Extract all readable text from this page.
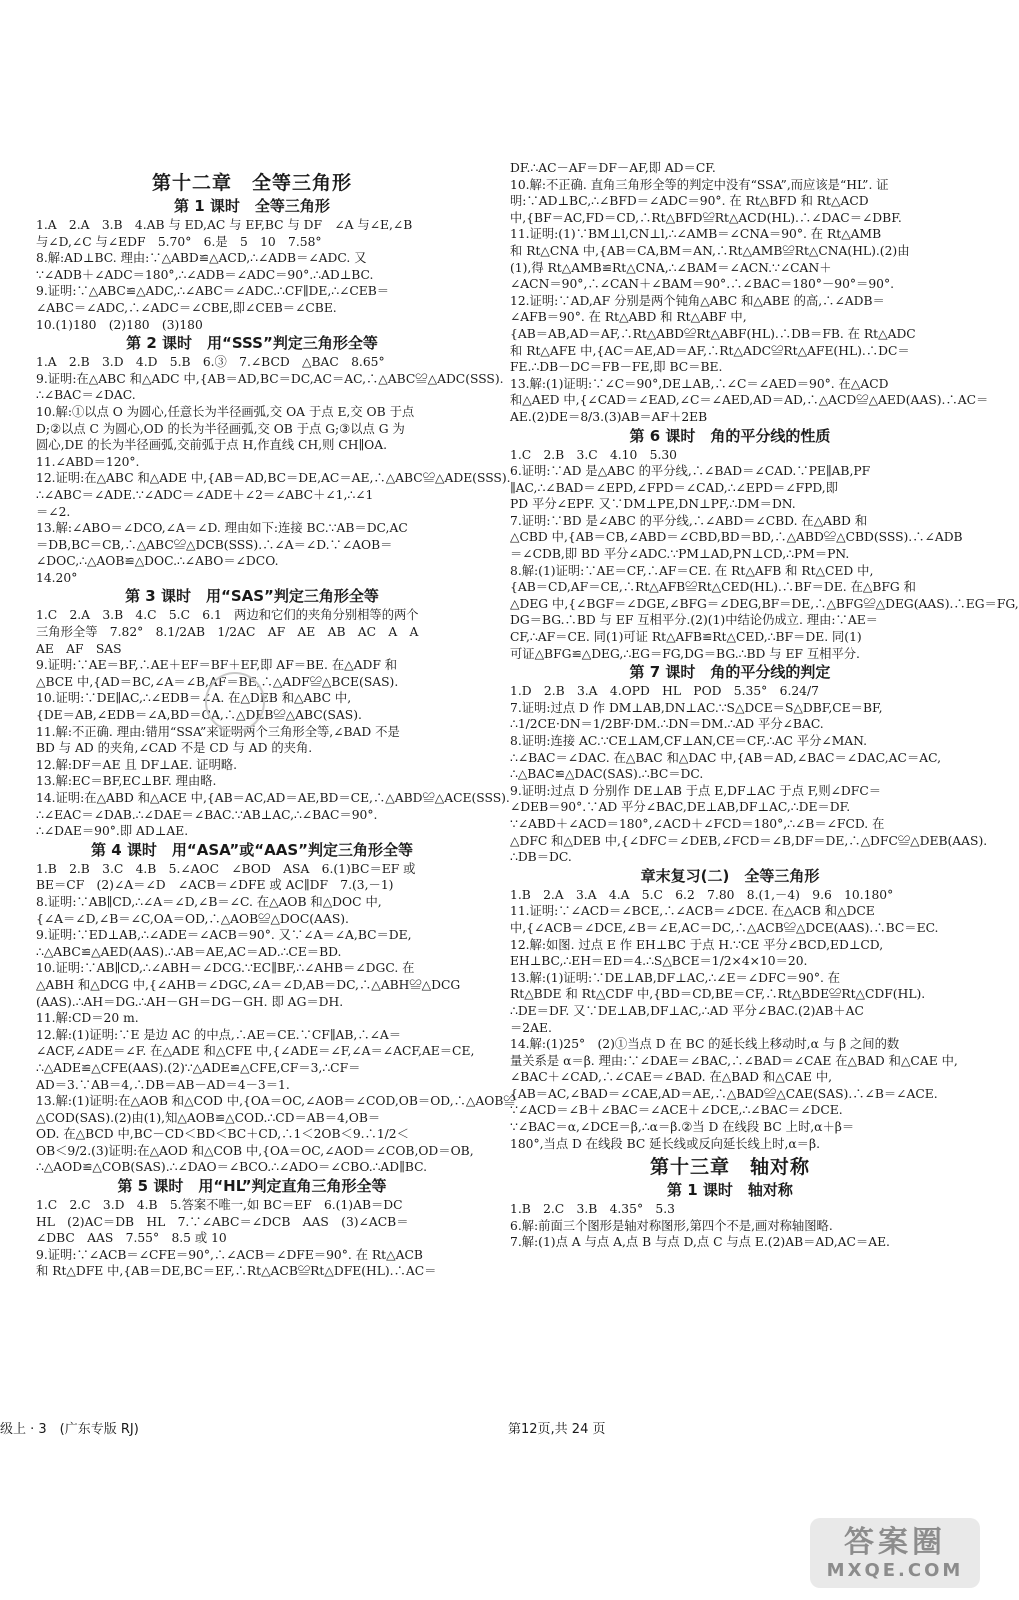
第十二章　全等三角形
第 1 课时　全等三角形
1.A　2.A　3.B　4.AB 与 ED,AC 与 EF,BC 与 DF　∠A 与∠E,∠B
与∠D,∠C 与∠EDF　5.70°　6.是　5　10　7.58°
8.解:AD⊥BC. 理由:∵△ABD≌△ACD,∴∠ADB＝∠ADC. 又
∵∠ADB＋∠ADC＝180°,∴∠ADB＝∠ADC＝90°.∴AD⊥BC.
9.证明:∵△ABC≌△ADC,∴∠ABC＝∠ADC.∴CF∥DE,∴∠CEB＝
∠ABC＝∠ADC,∴∠ADC＝∠CBE,即∠CEB＝∠CBE.
10.(1)180　(2)180　(3)180
第 2 课时　用“SSS”判定三角形全等
1.A　2.B　3.D　4.D　5.B　6.③　7.∠BCD　△BAC　8.65°
9.证明:在△ABC 和△ADC 中,{AB＝AD,BC＝DC,AC＝AC,∴△ABC≌△ADC(SSS).
∴∠BAC＝∠DAC.
10.解:①以点 O 为圆心,任意长为半径画弧,交 OA 于点 E,交 OB 于点
D;②以点 C 为圆心,OD 的长为半径画弧,交 OB 于点 G;③以点 G 为
圆心,DE 的长为半径画弧,交前弧于点 H,作直线 CH,则 CH∥OA.
11.∠ABD＝120°.
12.证明:在△ABC 和△ADE 中,{AB＝AD,BC＝DE,AC＝AE,∴△ABC≌△ADE(SSS).
∴∠ABC＝∠ADE.∵∠ADC＝∠ADE＋∠2＝∠ABC＋∠1,∴∠1
＝∠2.
13.解:∠ABO＝∠DCO,∠A＝∠D. 理由如下:连接 BC.∵AB＝DC,AC
＝DB,BC＝CB,∴△ABC≌△DCB(SSS).∴∠A＝∠D.∵∠AOB＝
∠DOC,∴△AOB≌△DOC.∴∠ABO＝∠DCO.
14.20°
第 3 课时　用“SAS”判定三角形全等
1.C　2.A　3.B　4.C　5.C　6.1　两边和它们的夹角分别相等的两个
三角形全等　7.82°　8.1/2AB　1/2AC　AF　AE　AB　AC　A　A
AE　AF　SAS
9.证明:∵AE＝BF,∴AE＋EF＝BF＋EF,即 AF＝BE. 在△ADF 和
△BCE 中,{AD＝BC,∠A＝∠B,AF＝BE,∴△ADF≌△BCE(SAS).
10.证明:∵DE∥AC,∴∠EDB＝∠A. 在△DEB 和△ABC 中,
{DE＝AB,∠EDB＝∠A,BD＝CA,∴△DEB≌△ABC(SAS).
11.解:不正确. 理由:错用“SSA”来证明两个三角形全等,∠BAD 不是
BD 与 AD 的夹角,∠CAD 不是 CD 与 AD 的夹角.
12.解:DF＝AE 且 DF⊥AE. 证明略.
13.解:EC＝BF,EC⊥BF. 理由略.
14.证明:在△ABD 和△ACE 中,{AB＝AC,AD＝AE,BD＝CE,∴△ABD≌△ACE(SSS).
∴∠EAC＝∠DAB.∴∠DAE＝∠BAC.∵AB⊥AC,∴∠BAC＝90°.
∴∠DAE＝90°.即 AD⊥AE.
第 4 课时　用“ASA”或“AAS”判定三角形全等
1.B　2.B　3.C　4.B　5.∠AOC　∠BOD　ASA　6.(1)BC＝EF 或
BE＝CF　(2)∠A＝∠D　∠ACB＝∠DFE 或 AC∥DF　7.(3,－1)
8.证明:∵AB∥CD,∴∠A＝∠D,∠B＝∠C. 在△AOB 和△DOC 中,
{∠A＝∠D,∠B＝∠C,OA＝OD,∴△AOB≌△DOC(AAS).
9.证明:∵ED⊥AB,∴∠ADE＝∠ACB＝90°. 又∵∠A＝∠A,BC＝DE,
∴△ABC≌△AED(AAS).∴AB＝AE,AC＝AD.∴CE＝BD.
10.证明:∵AB∥CD,∴∠ABH＝∠DCG.∵EC∥BF,∴∠AHB＝∠DGC. 在
△ABH 和△DCG 中,{∠AHB＝∠DGC,∠A＝∠D,AB＝DC,∴△ABH≌△DCG
(AAS).∴AH＝DG.∴AH－GH＝DG－GH. 即 AG＝DH.
11.解:CD＝20 m.
12.解:(1)证明:∵E 是边 AC 的中点,∴AE＝CE.∵CF∥AB,∴∠A＝
∠ACF,∠ADE＝∠F. 在△ADE 和△CFE 中,{∠ADE＝∠F,∠A＝∠ACF,AE＝CE,
∴△ADE≌△CFE(AAS).(2)∵△ADE≌△CFE,CF＝3,∴CF＝
AD＝3.∵AB＝4,∴DB＝AB－AD＝4－3＝1.
13.解:(1)证明:在△AOB 和△COD 中,{OA＝OC,∠AOB＝∠COD,OB＝OD,∴△AOB≌
△COD(SAS).(2)由(1),知△AOB≌△COD.∴CD＝AB＝4,OB＝
OD. 在△BCD 中,BC－CD＜BD＜BC＋CD,∴1＜2OB＜9.∴1/2＜
OB＜9/2.(3)证明:在△AOD 和△COB 中,{OA＝OC,∠AOD＝∠COB,OD＝OB,
∴△AOD≌△COB(SAS).∴∠DAO＝∠BCO.∴∠ADO＝∠CBO.∴AD∥BC.
第 5 课时　用“HL”判定直角三角形全等
1.C　2.C　3.D　4.B　5.答案不唯一,如 BC＝EF　6.(1)AB＝DC
HL　(2)AC＝DB　HL　7.∵∠ABC＝∠DCB　AAS　(3)∠ACB＝
∠DBC　AAS　7.55°　8.5 或 10
9.证明:∵∠ACB＝∠CFE＝90°,∴∠ACB＝∠DFE＝90°. 在 Rt△ACB
和 Rt△DFE 中,{AB＝DE,BC＝EF,∴Rt△ACB≌Rt△DFE(HL).∴AC＝
DF.∴AC－AF＝DF－AF,即 AD＝CF.
10.解:不正确. 直角三角形全等的判定中没有“SSA”,而应该是“HL”. 证
明:∵AD⊥BC,∴∠BFD＝∠ADC＝90°. 在 Rt△BFD 和 Rt△ACD
中,{BF＝AC,FD＝CD,∴Rt△BFD≌Rt△ACD(HL).∴∠DAC＝∠DBF.
11.证明:(1)∵BM⊥l,CN⊥l,∴∠AMB＝∠CNA＝90°. 在 Rt△AMB
和 Rt△CNA 中,{AB＝CA,BM＝AN,∴Rt△AMB≌Rt△CNA(HL).(2)由
(1),得 Rt△AMB≌Rt△CNA,∴∠BAM＝∠ACN.∵∠CAN＋
∠ACN＝90°,∴∠CAN＋∠BAM＝90°.∴∠BAC＝180°－90°＝90°.
12.证明:∵AD,AF 分别是两个钝角△ABC 和△ABE 的高,∴∠ADB＝
∠AFB＝90°. 在 Rt△ABD 和 Rt△ABF 中,
{AB＝AB,AD＝AF,∴Rt△ABD≌Rt△ABF(HL).∴DB＝FB. 在 Rt△ADC
和 Rt△AFE 中,{AC＝AE,AD＝AF,∴Rt△ADC≌Rt△AFE(HL).∴DC＝
FE.∴DB－DC＝FB－FE,即 BC＝BE.
13.解:(1)证明:∵∠C＝90°,DE⊥AB,∴∠C＝∠AED＝90°. 在△ACD
和△AED 中,{∠CAD＝∠EAD,∠C＝∠AED,AD＝AD,∴△ACD≌△AED(AAS).∴AC＝
AE.(2)DE＝8/3.(3)AB＝AF＋2EB
第 6 课时　角的平分线的性质
1.C　2.B　3.C　4.10　5.30
6.证明:∵AD 是△ABC 的平分线,∴∠BAD＝∠CAD.∵PE∥AB,PF
∥AC,∴∠BAD＝∠EPD,∠FPD＝∠CAD,∴∠EPD＝∠FPD,即
PD 平分∠EPF. 又∵DM⊥PE,DN⊥PF,∴DM＝DN.
7.证明:∵BD 是∠ABC 的平分线,∴∠ABD＝∠CBD. 在△ABD 和
△CBD 中,{AB＝CB,∠ABD＝∠CBD,BD＝BD,∴△ABD≌△CBD(SSS).∴∠ADB
＝∠CDB,即 BD 平分∠ADC.∵PM⊥AD,PN⊥CD,∴PM＝PN.
8.解:(1)证明:∵AE＝CF,∴AF＝CE. 在 Rt△AFB 和 Rt△CED 中,
{AB＝CD,AF＝CE,∴Rt△AFB≌Rt△CED(HL).∴BF＝DE. 在△BFG 和
△DEG 中,{∠BGF＝∠DGE,∠BFG＝∠DEG,BF＝DE,∴△BFG≌△DEG(AAS).∴EG＝FG,
DG＝BG.∴BD 与 EF 互相平分.(2)(1)中结论仍成立. 理由:∵AE＝
CF,∴AF＝CE. 同(1)可证 Rt△AFB≌Rt△CED,∴BF＝DE. 同(1)
可证△BFG≌△DEG,∴EG＝FG,DG＝BG.∴BD 与 EF 互相平分.
第 7 课时　角的平分线的判定
1.D　2.B　3.A　4.OPD　HL　POD　5.35°　6.24/7
7.证明:过点 D 作 DM⊥AB,DN⊥AC.∵S△DCE＝S△DBF,CE＝BF,
∴1/2CE·DN＝1/2BF·DM.∴DN＝DM.∴AD 平分∠BAC.
8.证明:连接 AC.∵CE⊥AM,CF⊥AN,CE＝CF,∴AC 平分∠MAN.
∴∠BAC＝∠DAC. 在△BAC 和△DAC 中,{AB＝AD,∠BAC＝∠DAC,AC＝AC,
∴△BAC≌△DAC(SAS).∴BC＝DC.
9.证明:过点 D 分别作 DE⊥AB 于点 E,DF⊥AC 于点 F,则∠DFC＝
∠DEB＝90°.∵AD 平分∠BAC,DE⊥AB,DF⊥AC,∴DE＝DF.
∵∠ABD＋∠ACD＝180°,∠ACD＋∠FCD＝180°,∴∠B＝∠FCD. 在
△DFC 和△DEB 中,{∠DFC＝∠DEB,∠FCD＝∠B,DF＝DE,∴△DFC≌△DEB(AAS).
∴DB＝DC.
章末复习(二)　全等三角形
1.B　2.A　3.A　4.A　5.C　6.2　7.80　8.(1,－4)　9.6　10.180°
11.证明:∵∠ACD＝∠BCE,∴∠ACB＝∠DCE. 在△ACB 和△DCE
中,{∠ACB＝∠DCE,∠B＝∠E,AC＝DC,∴△ACB≌△DCE(AAS).∴BC＝EC.
12.解:如图. 过点 E 作 EH⊥BC 于点 H.∵CE 平分∠BCD,ED⊥CD,
EH⊥BC,∴EH＝ED＝4.∴S△BCE＝1/2×4×10＝20.
13.解:(1)证明:∵DE⊥AB,DF⊥AC,∴∠E＝∠DFC＝90°. 在
Rt△BDE 和 Rt△CDF 中,{BD＝CD,BE＝CF,∴Rt△BDE≌Rt△CDF(HL).
∴DE＝DF. 又∵DE⊥AB,DF⊥AC,∴AD 平分∠BAC.(2)AB＋AC
＝2AE.
14.解:(1)25°　(2)①当点 D 在 BC 的延长线上移动时,α 与 β 之间的数
量关系是 α＝β. 理由:∵∠DAE＝∠BAC,∴∠BAD＝∠CAE 在△BAD 和△CAE 中,
∠BAC＋∠CAD,∴∠CAE＝∠BAD. 在△BAD 和△CAE 中,
{AB＝AC,∠BAD＝∠CAE,AD＝AE,∴△BAD≌△CAE(SAS).∴∠B＝∠ACE.
∵∠ACD＝∠B＋∠BAC＝∠ACE＋∠DCE,∴∠BAC＝∠DCE.
∵∠BAC＝α,∠DCE＝β,∴α＝β.②当 D 在线段 BC 上时,α＋β＝
180°,当点 D 在线段 BC 延长线或反向延长线上时,α＝β.
第十三章　轴对称
第 1 课时　轴对称
1.B　2.C　3.B　4.35°　5.3
6.解:前面三个图形是轴对称图形,第四个不是,画对称轴图略.
7.解:(1)点 A 与点 A,点 B 与点 D,点 C 与点 E.(2)AB＝AD,AC＝AE.
级上 · 3　(广东专版 RJ)	第12页,共 24 页
答案圈
MXQE.COM
